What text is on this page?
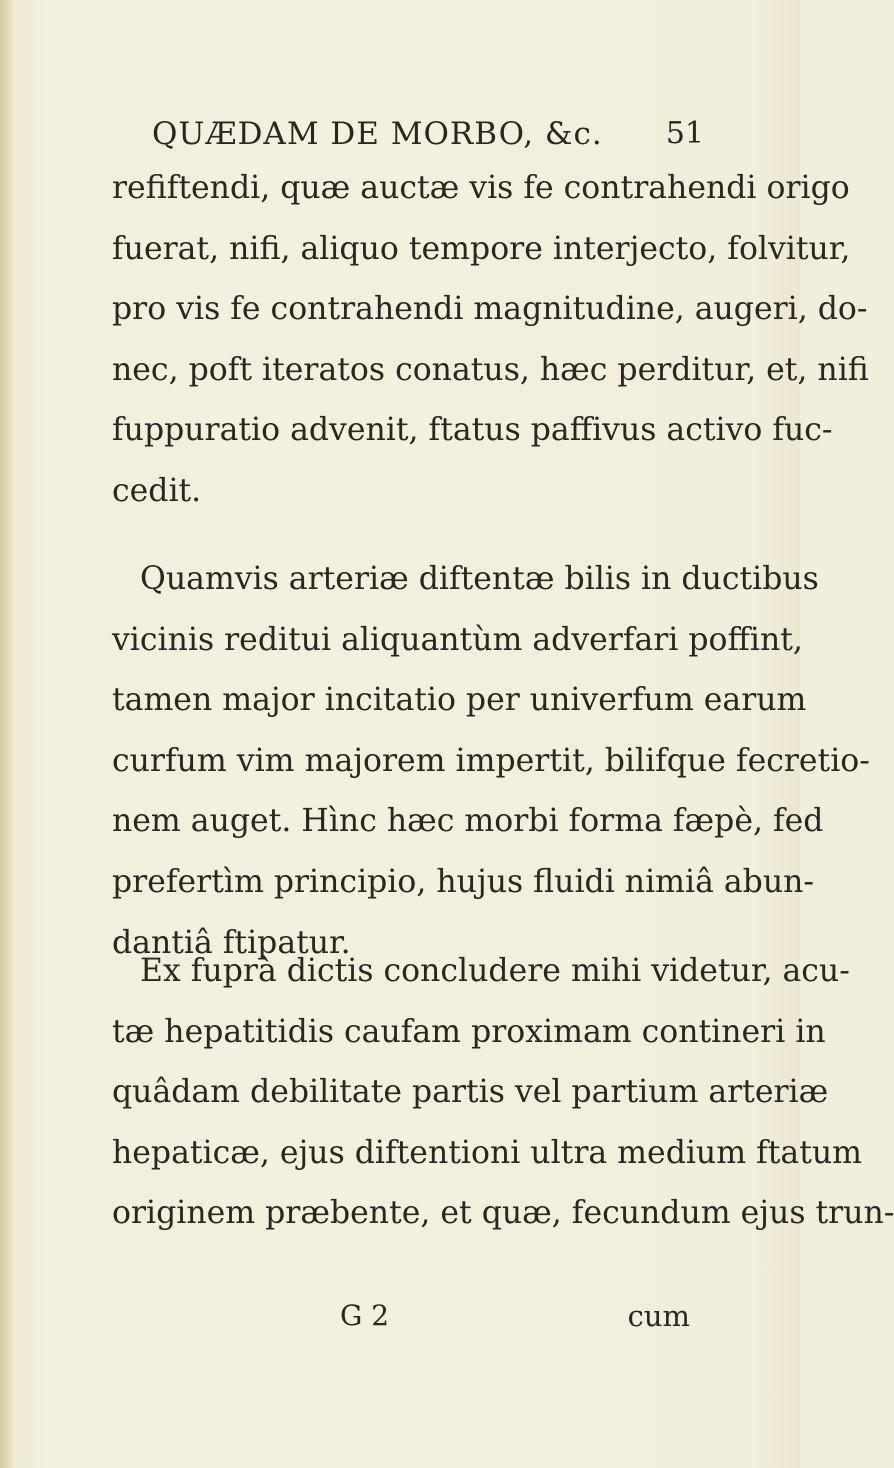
QUÆDAM DE MORBO, &c. 51
refiftendi, quæ auctæ vis fe contrahendi origo
fuerat, nifi, aliquo tempore interjecto, folvitur,
pro vis fe contrahendi magnitudine, augeri, do-
nec, poft iteratos conatus, hæc perditur, et, nifi
fuppuratio advenit, ftatus paffivus activo fuc-
cedit.
Quamvis arteriæ diftentæ bilis in ductibus
vicinis reditui aliquantùm adverfari poffint,
tamen major incitatio per univerfum earum
curfum vim majorem impertit, bilifque fecretio-
nem auget. Hìnc hæc morbi forma fæpè, fed
prefertìm principio, hujus fluidi nimiâ abun-
dantiâ ftipatur.
Ex fuprà dictis concludere mihi videtur, acu-
tæ hepatitidis caufam proximam contineri in
quâdam debilitate partis vel partium arteriæ
hepaticæ, ejus diftentioni ultra medium ftatum
originem præbente, et quæ, fecundum ejus trun-
G 2	cum
